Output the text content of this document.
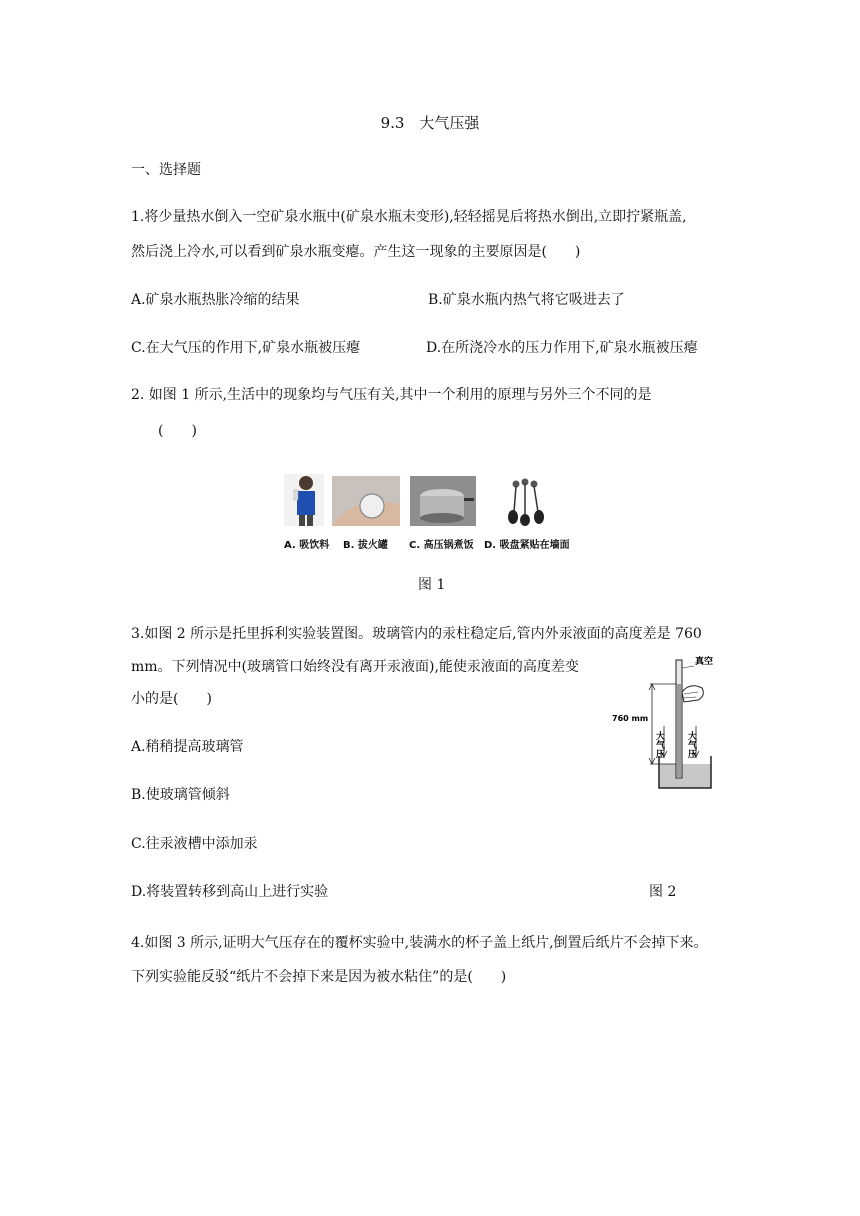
9.3　大气压强
一、选择题
1.将少量热水倒入一空矿泉水瓶中(矿泉水瓶未变形),轻轻摇晃后将热水倒出,立即拧紧瓶盖,
然后浇上冷水,可以看到矿泉水瓶变瘪。产生这一现象的主要原因是(　　)
A.矿泉水瓶热胀冷缩的结果	B.矿泉水瓶内热气将它吸进去了
C.在大气压的作用下,矿泉水瓶被压瘪	D.在所浇冷水的压力作用下,矿泉水瓶被压瘪
2. 如图 1 所示,生活中的现象均与气压有关,其中一个利用的原理与另外三个不同的是
(　　)
A. 吸饮料 B. 拔火罐 C. 高压锅煮饭 D. 吸盘紧贴在墙面
图 1
3.如图 2 所示是托里拆利实验装置图。玻璃管内的汞柱稳定后,管内外汞液面的高度差是 760
mm。下列情况中(玻璃管口始终没有离开汞液面),能使汞液面的高度差变
小的是(　　)
A.稍稍提高玻璃管
B.使玻璃管倾斜
C.往汞液槽中添加汞
D.将装置转移到高山上进行实验	图 2
真空
760 mm
大气压 大气压
4.如图 3 所示,证明大气压存在的覆杯实验中,装满水的杯子盖上纸片,倒置后纸片不会掉下来。
下列实验能反驳“纸片不会掉下来是因为被水粘住”的是(　　)
